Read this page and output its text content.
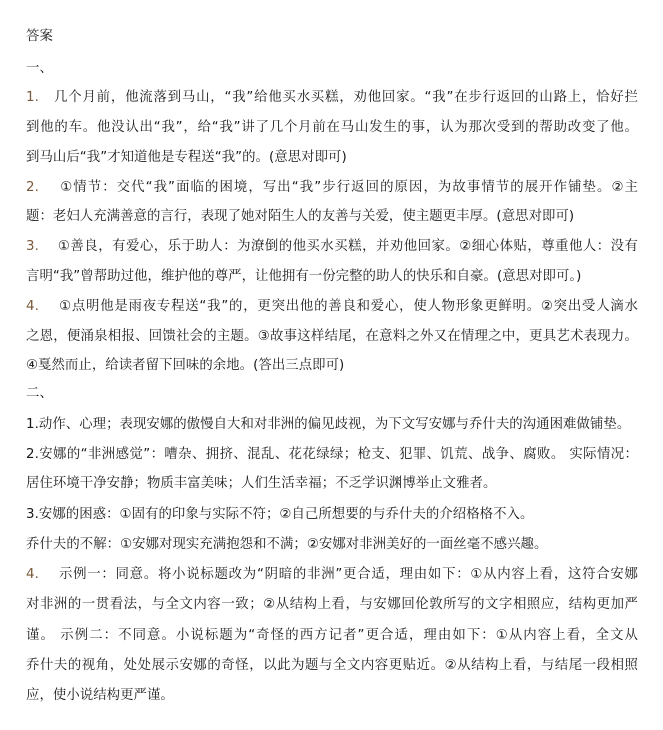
答案
一、
1. 几个月前，他流落到马山，“我”给他买水买糕，劝他回家。“我”在步行返回的山路上，恰好拦
到他的车。他没认出“我”，给“我”讲了几个月前在马山发生的事，认为那次受到的帮助改变了他。
到马山后“我”才知道他是专程送“我”的。(意思对即可)
2. ①情节：交代“我”面临的困境，写出“我”步行返回的原因，为故事情节的展开作铺垫。②主
题：老妇人充满善意的言行，表现了她对陌生人的友善与关爱，使主题更丰厚。(意思对即可)
3. ①善良，有爱心，乐于助人：为潦倒的他买水买糕，并劝他回家。②细心体贴，尊重他人：没有
言明“我”曾帮助过他，维护他的尊严，让他拥有一份完整的助人的快乐和自豪。(意思对即可。)
4. ①点明他是雨夜专程送“我”的，更突出他的善良和爱心，使人物形象更鲜明。②突出受人滴水
之恩，便涌泉相报、回馈社会的主题。③故事这样结尾，在意料之外又在情理之中，更具艺术表现力。
④戛然而止，给读者留下回味的余地。(答出三点即可)
二、
1.动作、心理；表现安娜的傲慢自大和对非洲的偏见歧视，为下文写安娜与乔什夫的沟通困难做铺垫。
2.安娜的“非洲感觉”：嘈杂、拥挤、混乱、花花绿绿；枪支、犯罪、饥荒、战争、腐败。 实际情况：
居住环境干净安静；物质丰富美味；人们生活幸福；不乏学识渊博举止文雅者。
3.安娜的困惑：①固有的印象与实际不符；②自己所想要的与乔什夫的介绍格格不入。
乔什夫的不解：①安娜对现实充满抱怨和不满；②安娜对非洲美好的一面丝毫不感兴趣。
4. 示例一：同意。将小说标题改为“阴暗的非洲”更合适，理由如下：①从内容上看，这符合安娜
对非洲的一贯看法，与全文内容一致；②从结构上看，与安娜回伦敦所写的文字相照应，结构更加严
谨。 示例二：不同意。小说标题为“奇怪的西方记者”更合适，理由如下：①从内容上看，全文从
乔什夫的视角，处处展示安娜的奇怪，以此为题与全文内容更贴近。②从结构上看，与结尾一段相照
应，使小说结构更严谨。
